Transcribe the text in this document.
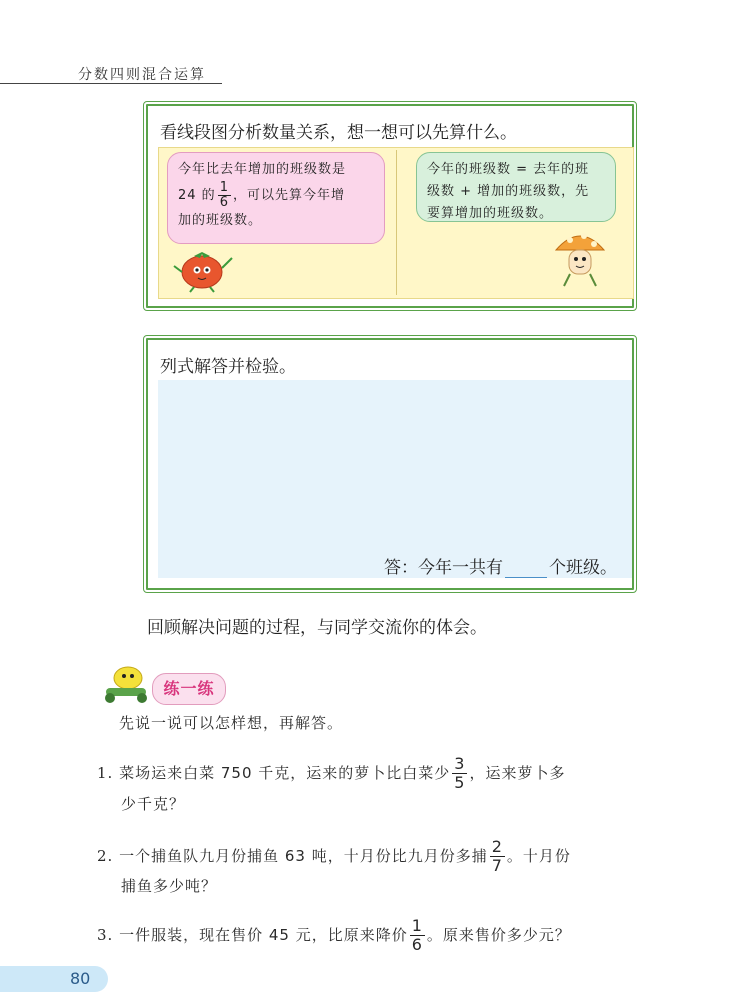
分数四则混合运算
看线段图分析数量关系，想一想可以先算什么。
今年比去年增加的班级数是
24 的 $\frac{1}{6}$ ，可以先算今年增
加的班级数。
今年的班级数 = 去年的班
级数 + 增加的班级数，先
要算增加的班级数。
列式解答并检验。
答：今年一共有	个班级。
回顾解决问题的过程，与同学交流你的体会。
练一练
先说一说可以怎样想，再解答。
1. 菜场运来白菜 750 千克，运来的萝卜比白菜少 $\frac{3}{5}$ ，运来萝卜多
少千克？
2. 一个捕鱼队九月份捕鱼 63 吨，十月份比九月份多捕 $\frac{2}{7}$ 。十月份
捕鱼多少吨？
3. 一件服装，现在售价 45 元，比原来降价 $\frac{1}{6}$ 。原来售价多少元？
80
